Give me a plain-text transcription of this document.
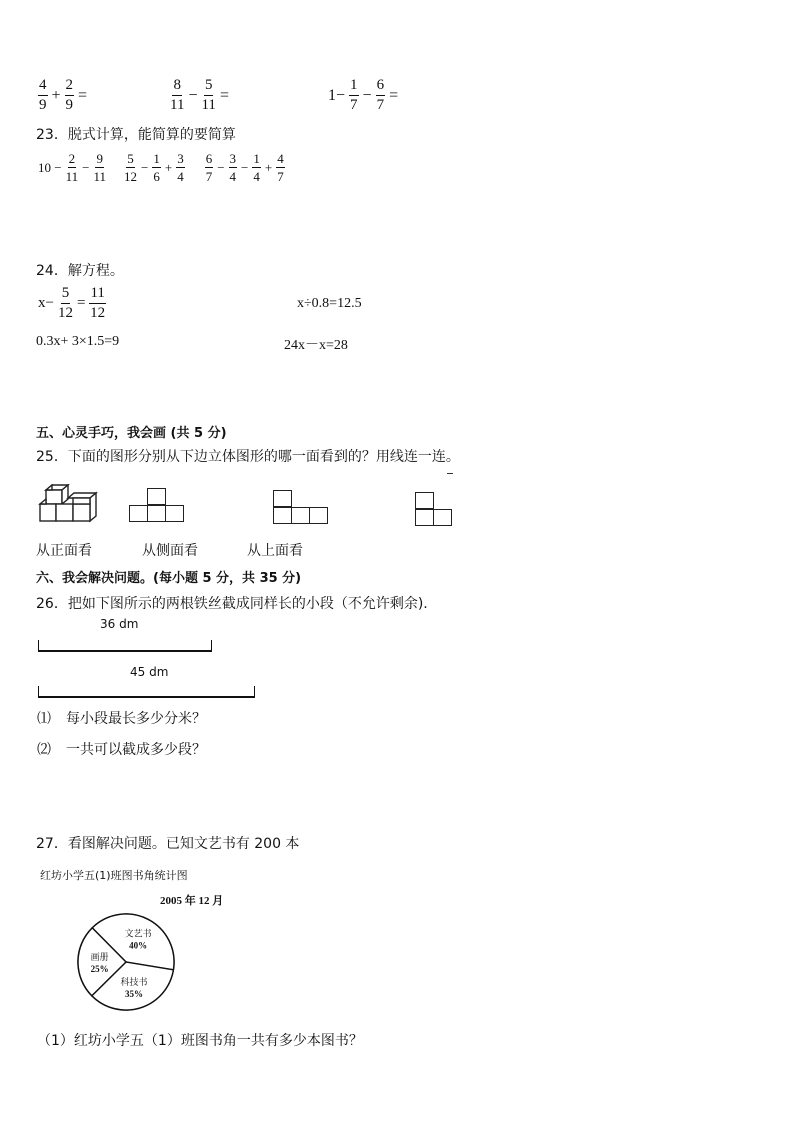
$\frac{4}{9} + \frac{2}{9}$ =	$\frac{8}{11} - \frac{5}{11}$ =	$1- \frac{1}{7} - \frac{6}{7}$ =
23．脱式计算，能简算的要简算
$10 - \frac{2}{11} - \frac{9}{11} \frac{5}{12} - \frac{1}{6} + \frac{3}{4} \frac{6}{7} - \frac{3}{4} - \frac{1}{4} + \frac{4}{7}$
24．解方程。
$x- \frac{5}{12} = \frac{11}{12}$	x÷0.8=12.5
0.3x+ 3×1.5=9	24x－x=28
五、心灵手巧，我会画 (共 5 分)
25．下面的图形分别从下边立体图形的哪一面看到的？用线连一连。
从正面看	从侧面看	从上面看
六、我会解决问题。(每小题 5 分，共 35 分)
26．把如下图所示的两根铁丝截成同样长的小段（不允许剩余).
36 dm
45 dm
⑴ 每小段最长多少分米？
⑵ 一共可以截成多少段？
27．看图解决问题。已知文艺书有 200 本
红坊小学五(1)班图书角统计图
2005 年 12 月
文艺书
40%
科技书
35%
画册
25%
（1）红坊小学五（1）班图书角一共有多少本图书？
